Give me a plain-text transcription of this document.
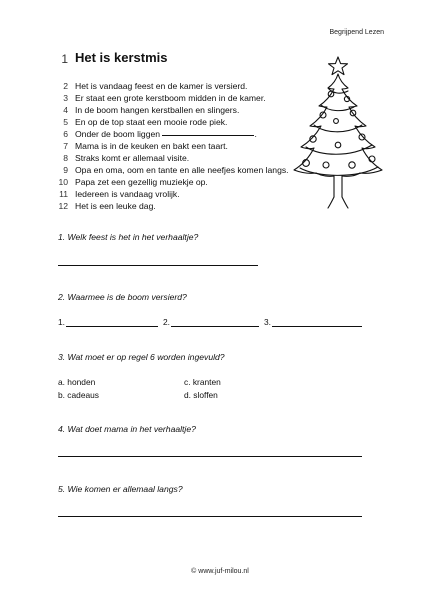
Begrijpend Lezen
1 Het is kerstmis
2 Het is vandaag feest en de kamer is versierd.
3 Er staat een grote kerstboom midden in de kamer.
4 In de boom hangen kerstballen en slingers.
5 En op de top staat een mooie rode piek.
6 Onder de boom liggen	.
7 Mama is in de keuken en bakt een taart.
8 Straks komt er allemaal visite.
9 Opa en oma, oom en tante en alle neefjes komen langs.
10 Papa zet een gezellig muziekje op.
11 Iedereen is vandaag vrolijk.
12 Het is een leuke dag.
1. Welk feest is het in het verhaaltje?
2. Waarmee is de boom versierd?
1.	2.	3.
3. Wat moet er op regel 6 worden ingevuld?
a. honden
b. cadeaus
c. kranten
d. sloffen
4. Wat doet mama in het verhaaltje?
5. Wie komen er allemaal langs?
© www.juf-milou.nl
